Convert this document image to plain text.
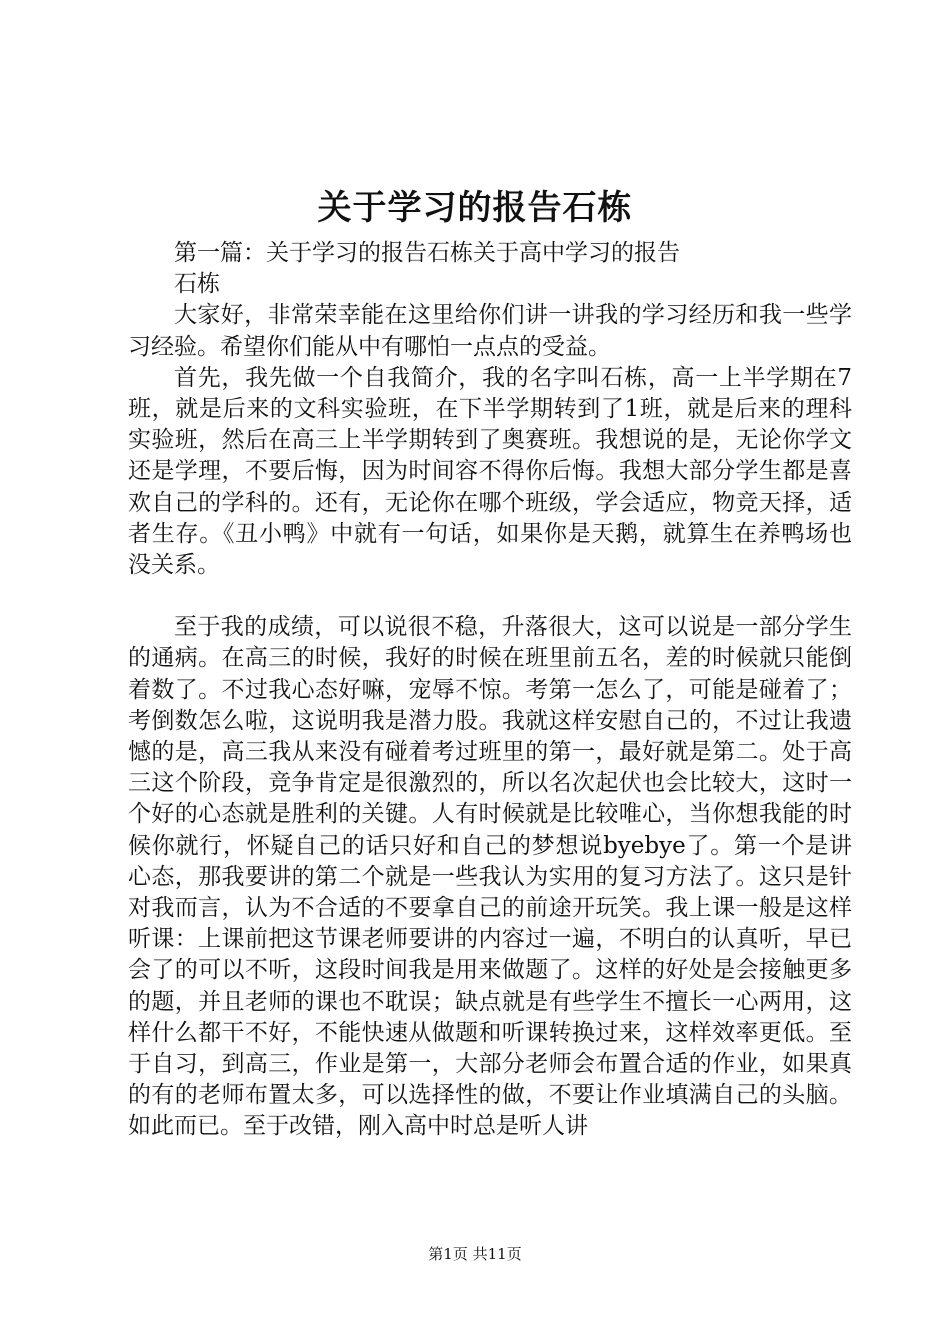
关于学习的报告石栋

第一篇：关于学习的报告石栋关于高中学习的报告

石栋

大家好，非常荣幸能在这里给你们讲一讲我的学习经历和我一些学习经验。希望你们能从中有哪怕一点点的受益。

首先，我先做一个自我简介，我的名字叫石栋，高一上半学期在7班，就是后来的文科实验班，在下半学期转到了1班，就是后来的理科实验班，然后在高三上半学期转到了奥赛班。我想说的是，无论你学文还是学理，不要后悔，因为时间容不得你后悔。我想大部分学生都是喜欢自己的学科的。还有，无论你在哪个班级，学会适应，物竞天择，适者生存。《丑小鸭》中就有一句话，如果你是天鹅，就算生在养鸭场也没关系。

至于我的成绩，可以说很不稳，升落很大，这可以说是一部分学生的通病。在高三的时候，我好的时候在班里前五名，差的时候就只能倒着数了。不过我心态好嘛，宠辱不惊。考第一怎么了，可能是碰着了；考倒数怎么啦，这说明我是潜力股。我就这样安慰自己的，不过让我遗憾的是，高三我从来没有碰着考过班里的第一，最好就是第二。处于高三这个阶段，竞争肯定是很激烈的，所以名次起伏也会比较大，这时一个好的心态就是胜利的关键。人有时候就是比较唯心，当你想我能的时候你就行，怀疑自己的话只好和自己的梦想说byebye了。第一个是讲心态，那我要讲的第二个就是一些我认为实用的复习方法了。这只是针对我而言，认为不合适的不要拿自己的前途开玩笑。我上课一般是这样听课：上课前把这节课老师要讲的内容过一遍，不明白的认真听，早已会了的可以不听，这段时间我是用来做题了。这样的好处是会接触更多的题，并且老师的课也不耽误；缺点就是有些学生不擅长一心两用，这样什么都干不好，不能快速从做题和听课转换过来，这样效率更低。至于自习，到高三，作业是第一，大部分老师会布置合适的作业，如果真的有的老师布置太多，可以选择性的做，不要让作业填满自己的头脑。如此而已。至于改错，刚入高中时总是听人讲

第1页 共11页
